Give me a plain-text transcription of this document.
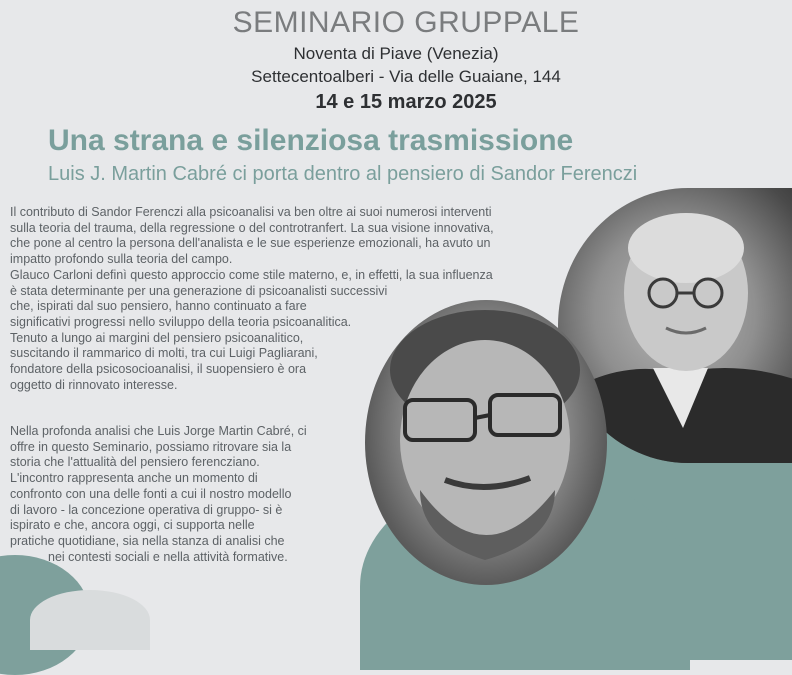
SEMINARIO GRUPPALE
Noventa di Piave (Venezia)
Settecentoalberi - Via delle Guaiane, 144
14 e 15 marzo 2025
Una strana e silenziosa trasmissione
Luis J. Martin Cabré ci porta dentro al pensiero di Sandor Ferenczi
Il contributo di Sandor Ferenczi alla psicoanalisi va ben oltre ai suoi numerosi interventi
sulla teoria del trauma, della regressione o del controtranfert. La sua visione innovativa,
che pone al centro la persona dell'analista e le sue esperienze emozionali, ha avuto un
impatto profondo sulla teoria del campo.
Glauco Carloni definì questo approccio come stile materno, e, in effetti, la sua influenza
è stata determinante per una generazione di psicoanalisti successivi
che, ispirati dal suo pensiero, hanno continuato a fare
significativi progressi nello sviluppo della teoria psicoanalitica.
Tenuto a lungo ai margini del pensiero psicoanalitico,
suscitando il rammarico di molti, tra cui Luigi Pagliarani,
fondatore della psicosocioanalisi, il suopensiero è ora
oggetto di rinnovato interesse.
Nella profonda analisi che Luis Jorge Martin Cabré, ci
offre in questo Seminario, possiamo ritrovare sia la
storia che l'attualità del pensiero ferencziano.
L'incontro rappresenta anche un momento di
confronto con una delle fonti a cui il nostro modello
di lavoro - la concezione operativa di gruppo- si è
ispirato e che, ancora oggi, ci supporta nelle
pratiche quotidiane, sia nella stanza di analisi che
nei contesti sociali e nella attività formative.
